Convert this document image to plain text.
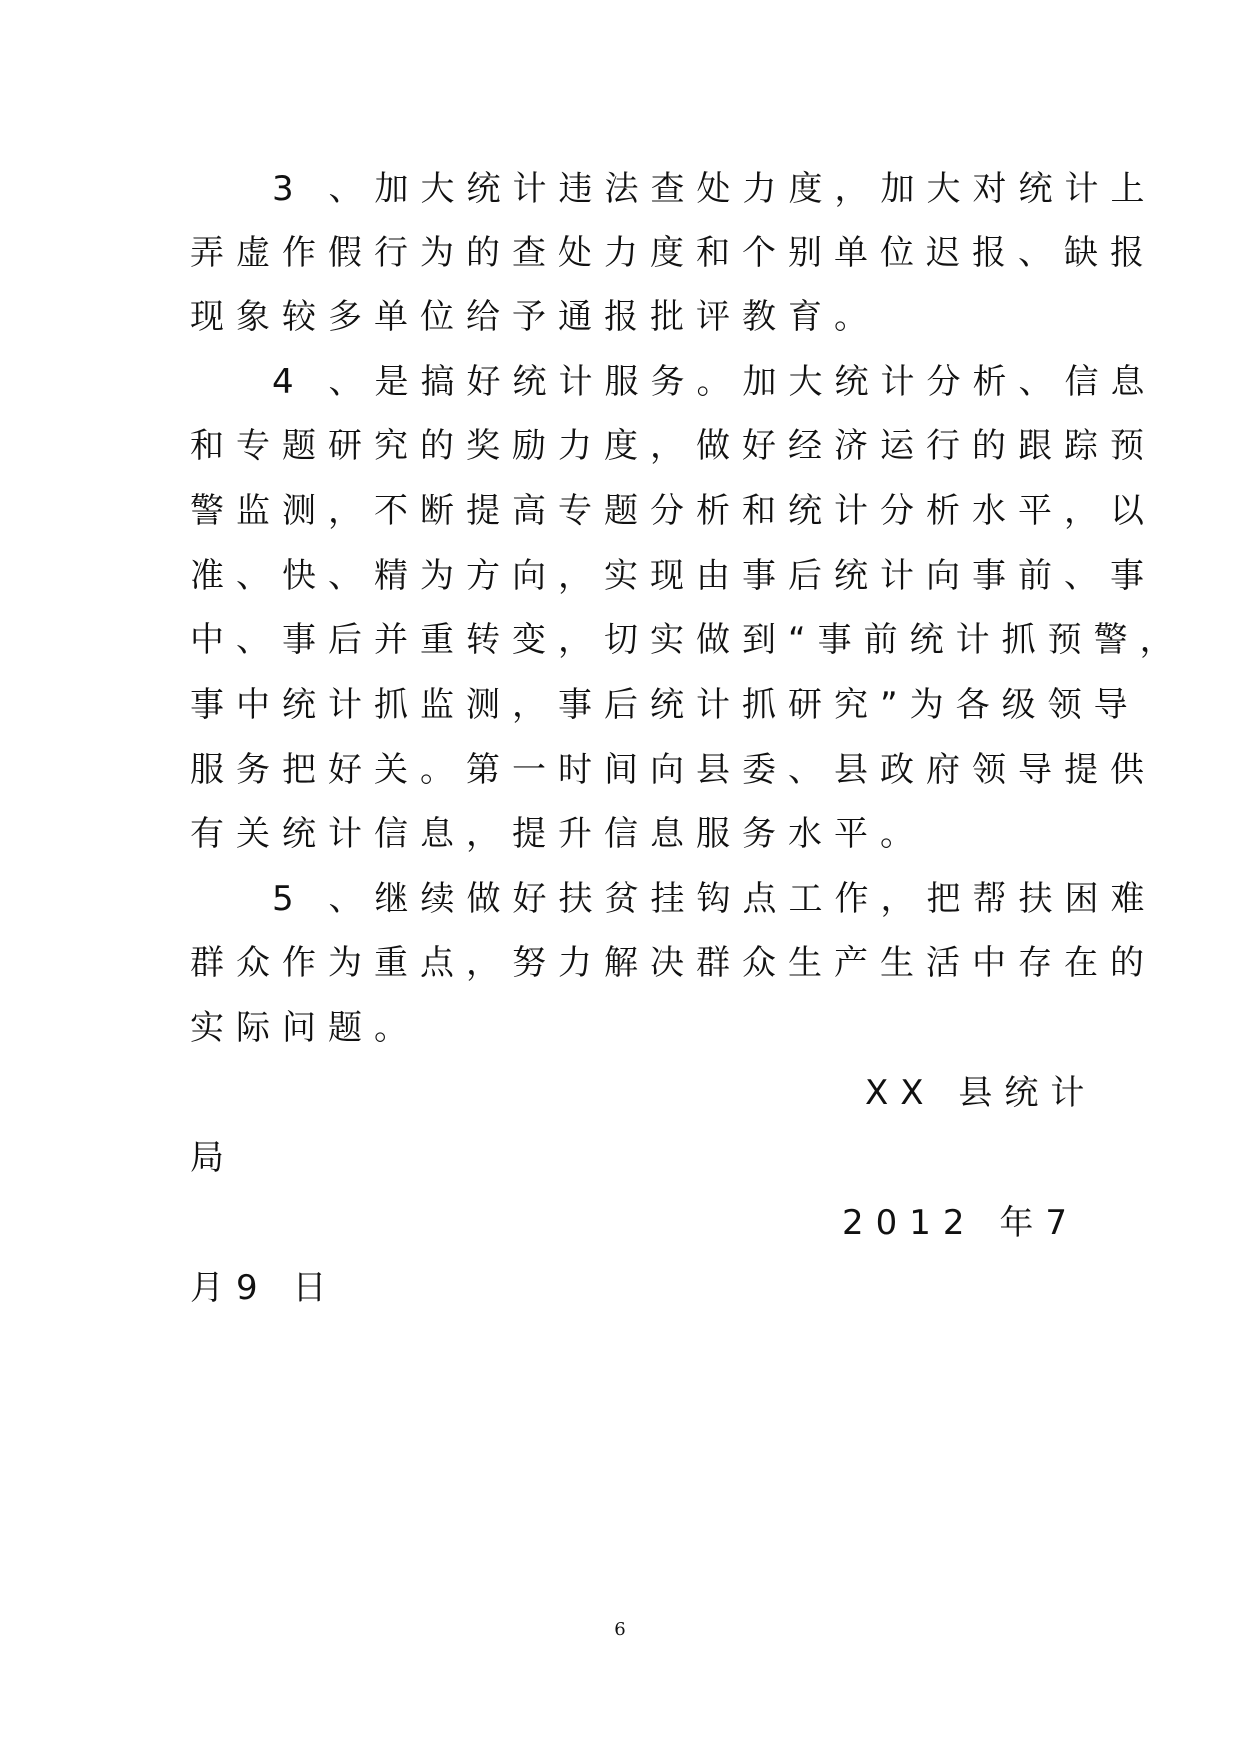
3 、加大统计违法查处力度，加大对统计上
弄虚作假行为的查处力度和个别单位迟报、缺报
现象较多单位给予通报批评教育。
4 、是搞好统计服务。加大统计分析、信息
和专题研究的奖励力度，做好经济运行的跟踪预
警监测，不断提高专题分析和统计分析水平，以
准、快、精为方向，实现由事后统计向事前、事
中、事后并重转变，切实做到“事前统计抓预警，
事中统计抓监测，事后统计抓研究”为各级领导
服务把好关。第一时间向县委、县政府领导提供
有关统计信息，提升信息服务水平。
5 、继续做好扶贫挂钩点工作，把帮扶困难
群众作为重点，努力解决群众生产生活中存在的
实际问题。
XX 县统计
局
2012 年7
月9 日
6
